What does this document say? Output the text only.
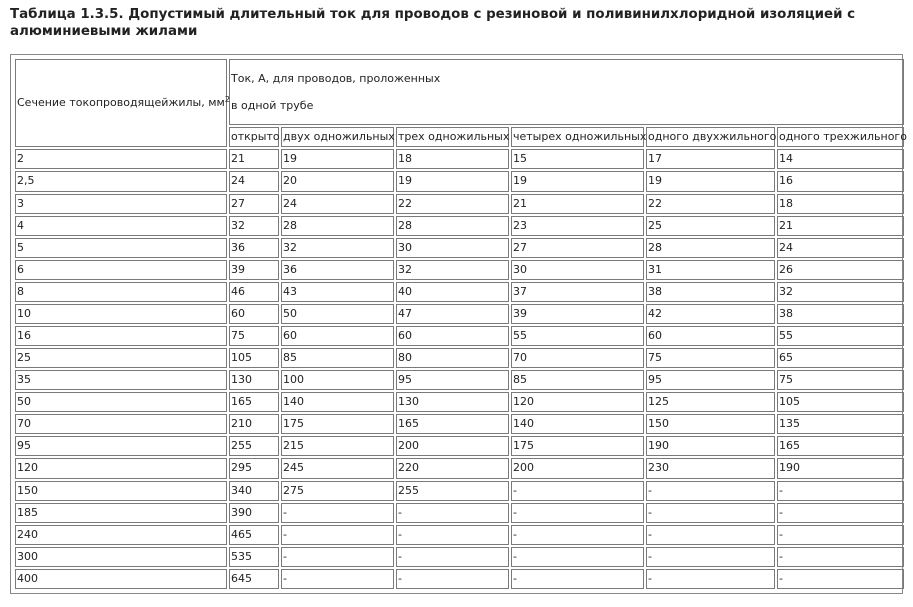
Таблица 1.3.5. Допустимый длительный ток для проводов с резиновой и поливинилхлоридной изоляцией с алюминиевыми жилами
Сечение токопроводящейжилы, $мм^2$	Ток, А, для проводов, проложенных
в одной трубе					

	открыто	двух одножильных	трех одножильных	четырех одножильных	одного двухжильного	одного трехжильного
2	21	19	18	15	17	14
2,5	24	20	19	19	19	16
3	27	24	22	21	22	18
4	32	28	28	23	25	21
5	36	32	30	27	28	24
6	39	36	32	30	31	26
8	46	43	40	37	38	32
10	60	50	47	39	42	38
16	75	60	60	55	60	55
25	105	85	80	70	75	65
35	130	100	95	85	95	75
50	165	140	130	120	125	105
70	210	175	165	140	150	135
95	255	215	200	175	190	165
120	295	245	220	200	230	190
150	340	275	255	-	-	-
185	390	-	-	-	-	-
240	465	-	-	-	-	-
300	535	-	-	-	-	-
400	645	-	-	-	-	-
